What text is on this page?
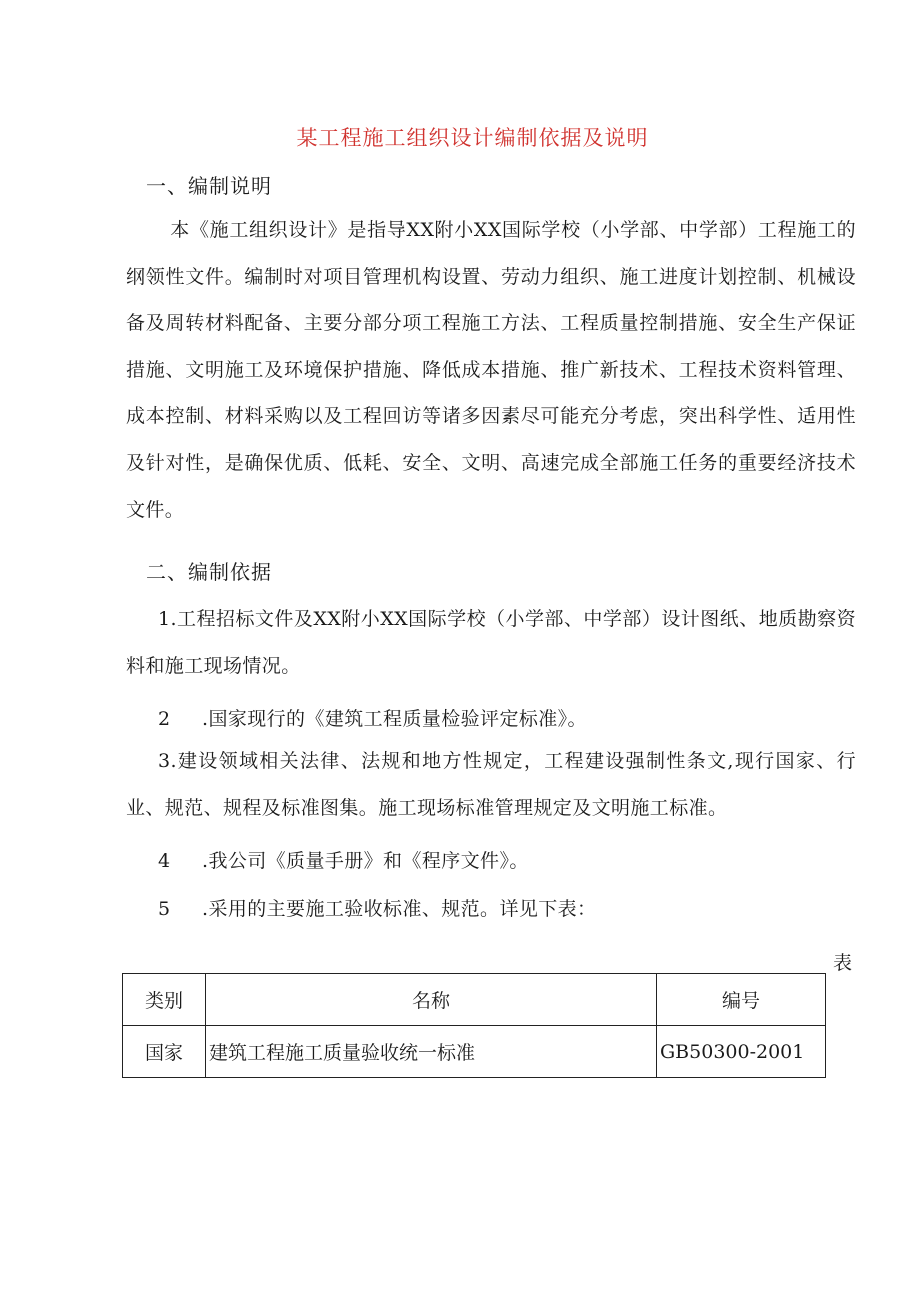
某工程施工组织设计编制依据及说明
一、编制说明
本《施工组织设计》是指导XX附小XX国际学校（小学部、中学部）工程施工的纲领性文件。编制时对项目管理机构设置、劳动力组织、施工进度计划控制、机械设备及周转材料配备、主要分部分项工程施工方法、工程质量控制措施、安全生产保证措施、文明施工及环境保护措施、降低成本措施、推广新技术、工程技术资料管理、成本控制、材料采购以及工程回访等诸多因素尽可能充分考虑，突出科学性、适用性及针对性，是确保优质、低耗、安全、文明、高速完成全部施工任务的重要经济技术文件。
二、编制依据
1.工程招标文件及XX附小XX国际学校（小学部、中学部）设计图纸、地质勘察资料和施工现场情况。
2 .国家现行的《建筑工程质量检验评定标准》。
3.建设领域相关法律、法规和地方性规定，工程建设强制性条文,现行国家、行业、规范、规程及标准图集。施工现场标准管理规定及文明施工标准。
4 .我公司《质量手册》和《程序文件》。
5 .采用的主要施工验收标准、规范。详见下表：
表
类别	名称	编号
国家	建筑工程施工质量验收统一标准	GB50300-2001
